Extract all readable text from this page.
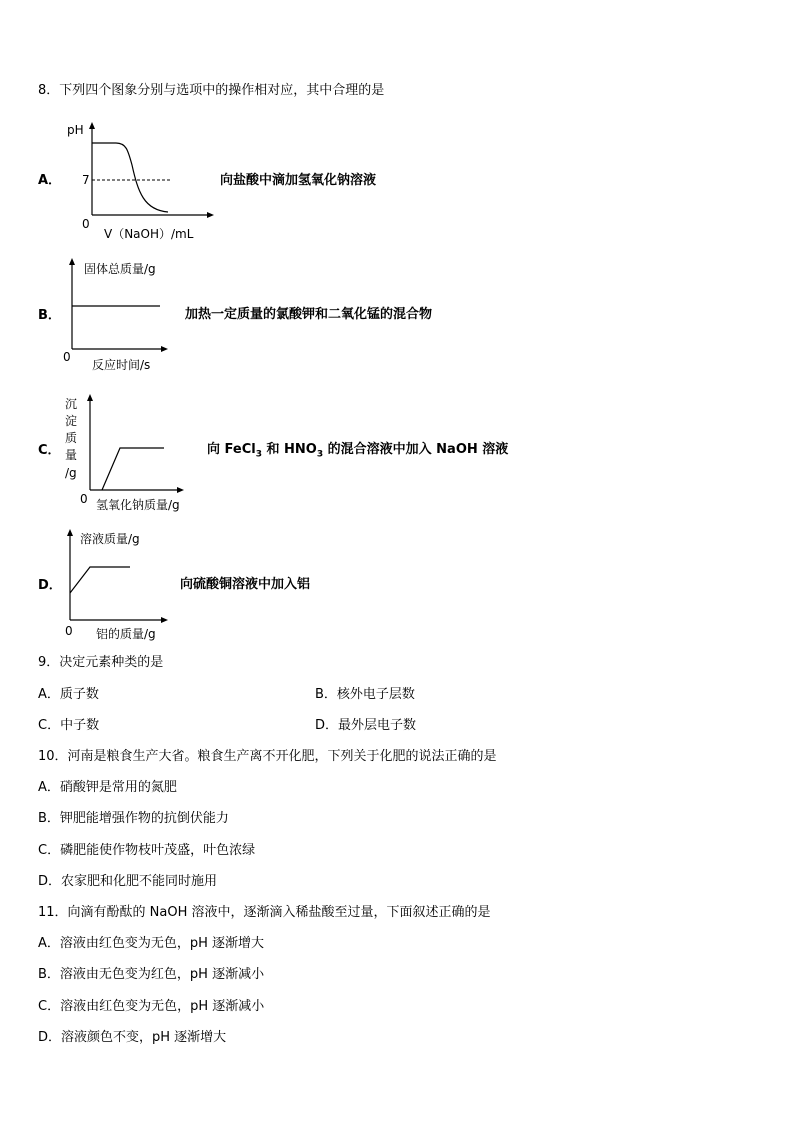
8．下列四个图象分别与选项中的操作相对应，其中合理的是
A．
pH
7
0
V（NaOH）/mL
向盐酸中滴加氢氧化钠溶液
B．
固体总质量/g
0
反应时间/s
加热一定质量的氯酸钾和二氧化锰的混合物
C．
沉
淀
质
量
/g
0 氢氧化钠质量/g
向 FeCl$_3$ 和 $HNO_3$ 的混合溶液中加入 NaOH 溶液
D．
溶液质量/g
0 铝的质量/g
向硫酸铜溶液中加入铝
9．决定元素种类的是
A．质子数	B．核外电子层数
C．中子数	D．最外层电子数
10．河南是粮食生产大省。粮食生产离不开化肥，下列关于化肥的说法正确的是
A．硝酸钾是常用的氮肥
B．钾肥能增强作物的抗倒伏能力
C．磷肥能使作物枝叶茂盛，叶色浓绿
D．农家肥和化肥不能同时施用
11．向滴有酚酞的 NaOH 溶液中，逐渐滴入稀盐酸至过量，下面叙述正确的是
A．溶液由红色变为无色，pH 逐渐增大
B．溶液由无色变为红色，pH 逐渐减小
C．溶液由红色变为无色，pH 逐渐减小
D．溶液颜色不变，pH 逐渐增大
